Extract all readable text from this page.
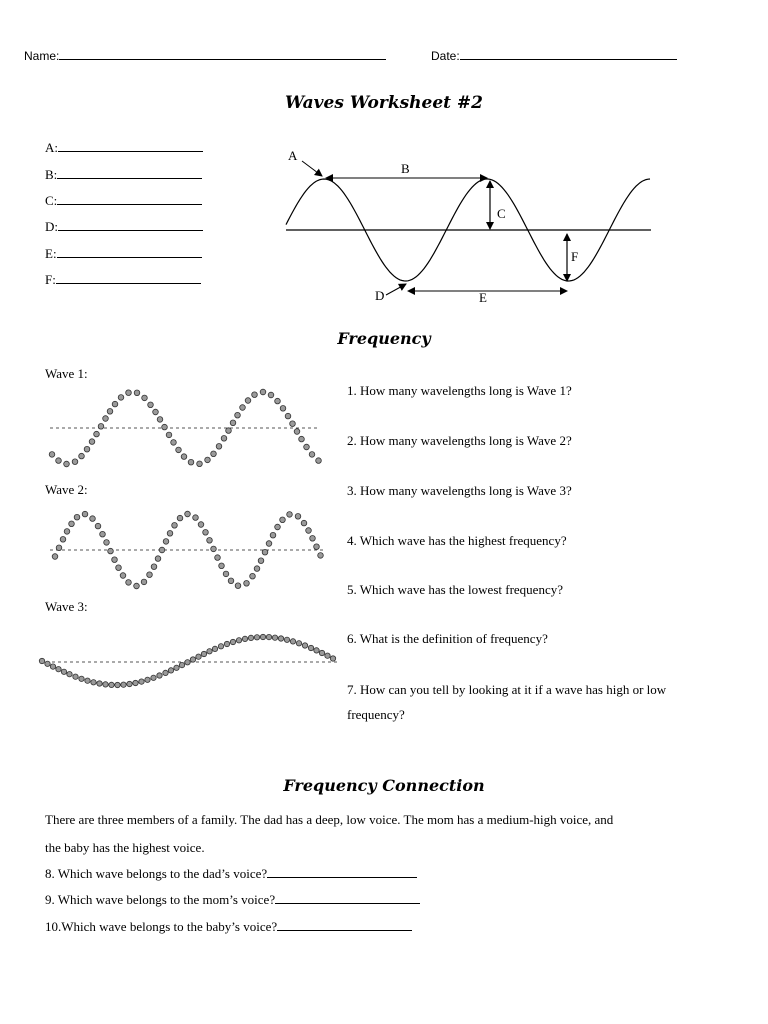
Name:	Date:
Waves Worksheet #2
A:
B:
C:
D:
E:
F:
A
B
C
D	E
F
Frequency
Wave 1:
Wave 2:
Wave 3:
1. How many wavelengths long is Wave 1?
2. How many wavelengths long is Wave 2?
3. How many wavelengths long is Wave 3?
4. Which wave has the highest frequency?
5. Which wave has the lowest frequency?
6. What is the definition of frequency?
7. How can you tell by looking at it if a wave has high or low
frequency?
Frequency Connection
There are three members of a family. The dad has a deep, low voice. The mom has a medium-high voice, and
the baby has the highest voice.
8. Which wave belongs to the dad’s voice?
9. Which wave belongs to the mom’s voice?
10.Which wave belongs to the baby’s voice?
